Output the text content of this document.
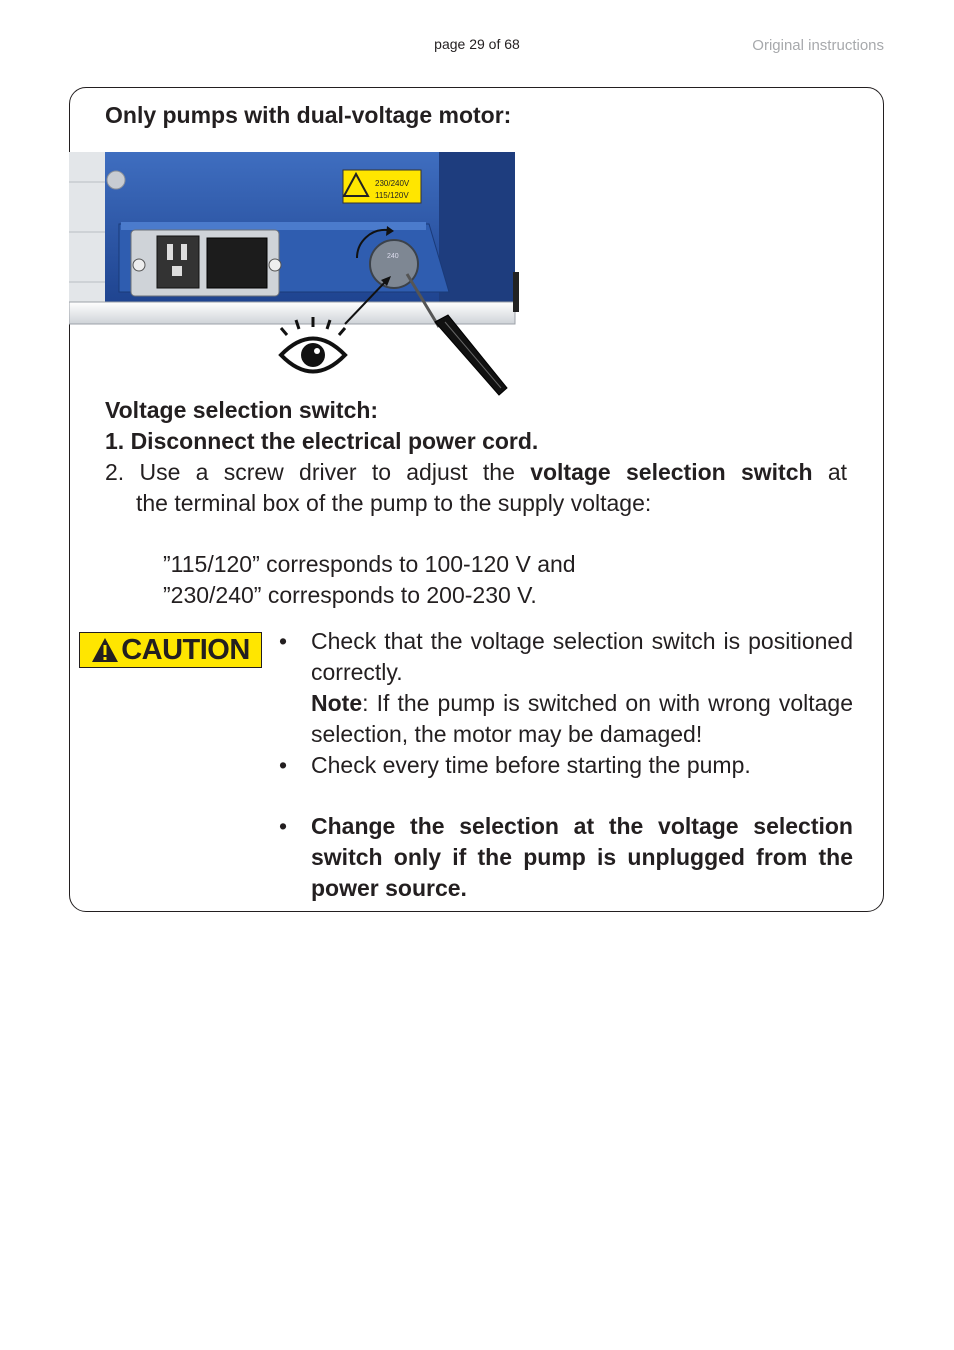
page 29 of 68	Original instructions
Only pumps with dual-voltage motor:
230/240V
115/120V
240
Voltage selection switch:
1. Disconnect the electrical power cord.
2. Use a screw driver to adjust the voltage selection switch at
the terminal box of the pump to the supply voltage:
”115/120” corresponds to 100-120 V and
”230/240” corresponds to 200-230 V.
CAUTION • Check that the voltage selection switch is positioned correctly.
Note: If the pump is switched on with wrong voltage selection, the motor may be damaged!
• Check every time before starting the pump.
• Change the selection at the voltage selection switch only if the pump is unplugged from the power source.
